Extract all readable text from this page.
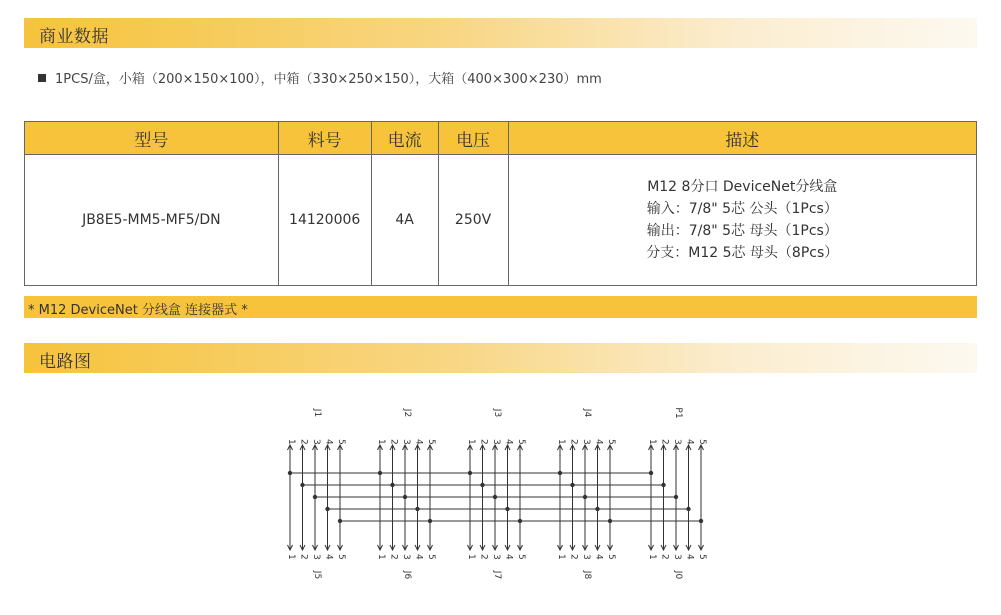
商业数据
1PCS/盒，小箱（200×150×100），中箱（330×250×150），大箱（400×300×230）mm
型号	料号	电流	电压	描述
JB8E5-MM5-MF5/DN	14120006	4A	250V	M12 8分口 DeviceNet分线盒
输入：7/8" 5芯 公头（1Pcs）
输出：7/8" 5芯 母头（1Pcs）
分支：M12 5芯 母头（8Pcs）
* M12 DeviceNet 分线盒 连接器式 *
电路图
J1
J5
1
1
2
2
3
3
4
4
5
5
J2
J6
1
1
2
2
3
3
4
4
5
5
J3
J7
1
1
2
2
3
3
4
4
5
5
J4
J8
1
1
2
2
3
3
4
4
5
5
P1
J0
1
1
2
2
3
3
4
4
5
5
